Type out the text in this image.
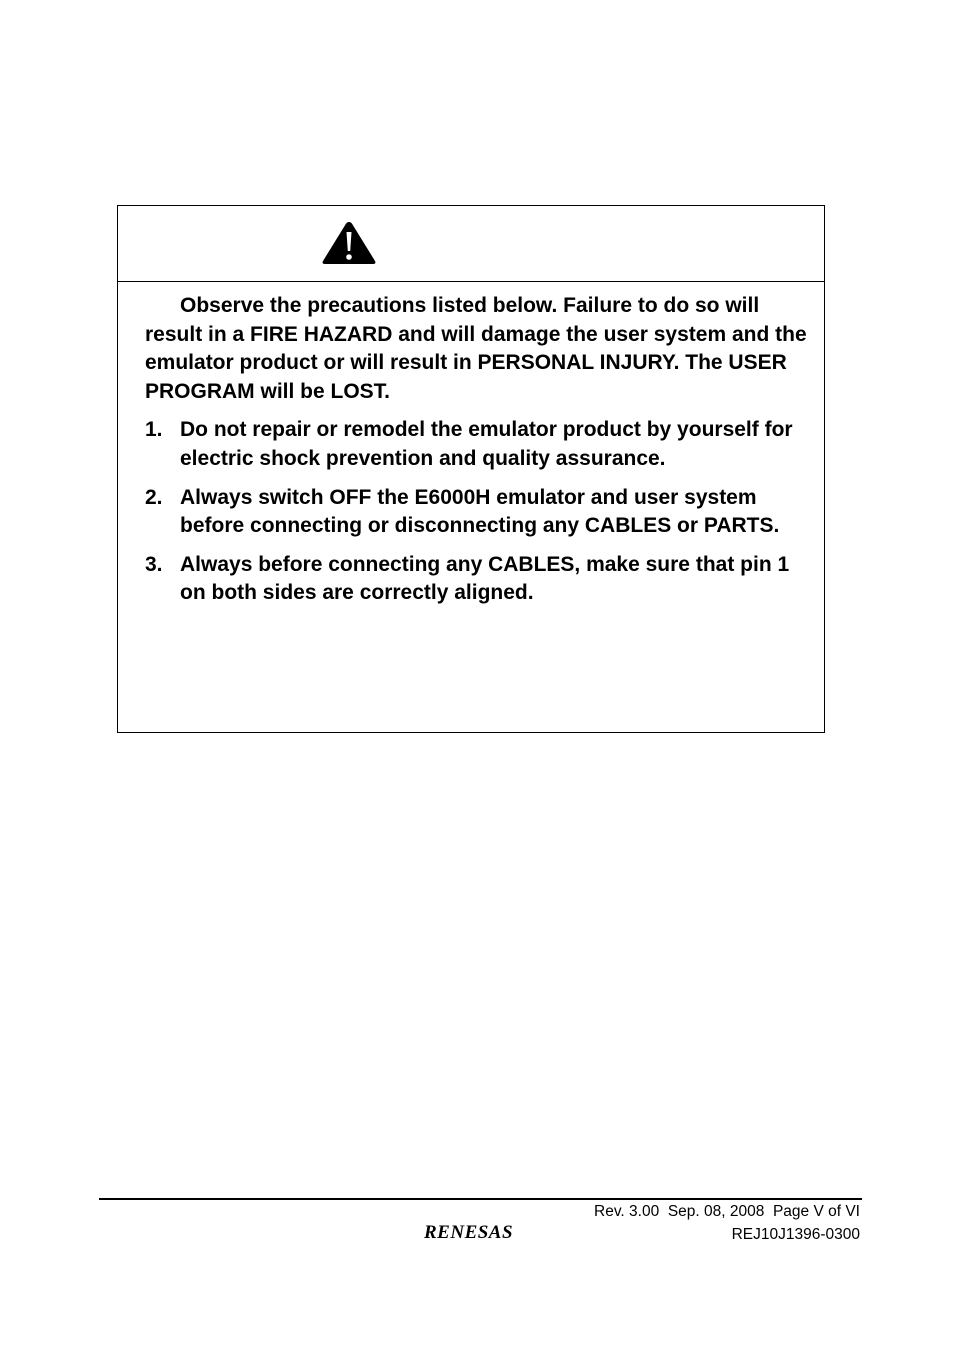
Observe the precautions listed below. Failure to do so will result in a FIRE HAZARD and will damage the user system and the emulator product or will result in PERSONAL INJURY. The USER PROGRAM will be LOST.

1. Do not repair or remodel the emulator product by yourself for electric shock prevention and quality assurance.
2. Always switch OFF the E6000H emulator and user system before connecting or disconnecting any CABLES or PARTS.
3. Always before connecting any CABLES, make sure that pin 1 on both sides are correctly aligned.
RENESAS
Rev. 3.00  Sep. 08, 2008  Page V of VI
REJ10J1396-0300
